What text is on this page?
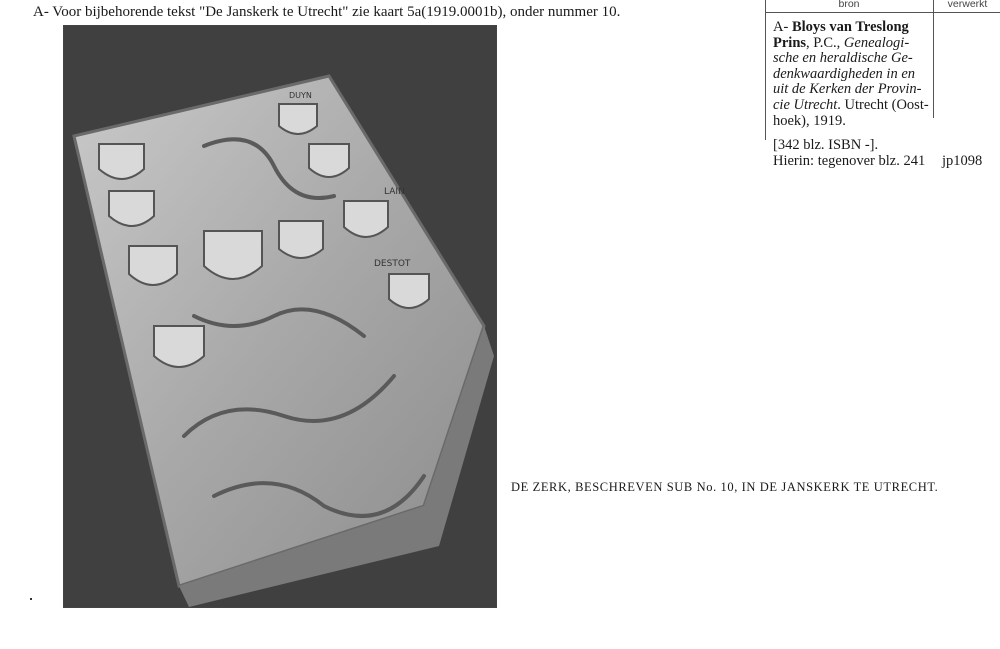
A- Voor bijbehorende tekst "De Janskerk te Utrecht" zie kaart 5a(1919.0001b), onder nummer 10.
LAIN
DESTOT
DUYN
DE ZERK, BESCHREVEN SUB No. 10, IN DE JANSKERK TE UTRECHT.
bron	verwerkt
A- Bloys van Treslong
Prins, P.C., Genealogi-
sche en heraldische Ge-
denkwaardigheden in en
uit de Kerken der Provin-
cie Utrecht. Utrecht (Oost-
hoek), 1919.
[342 blz. ISBN -].
Hierin: tegenover blz. 241 jp1098
